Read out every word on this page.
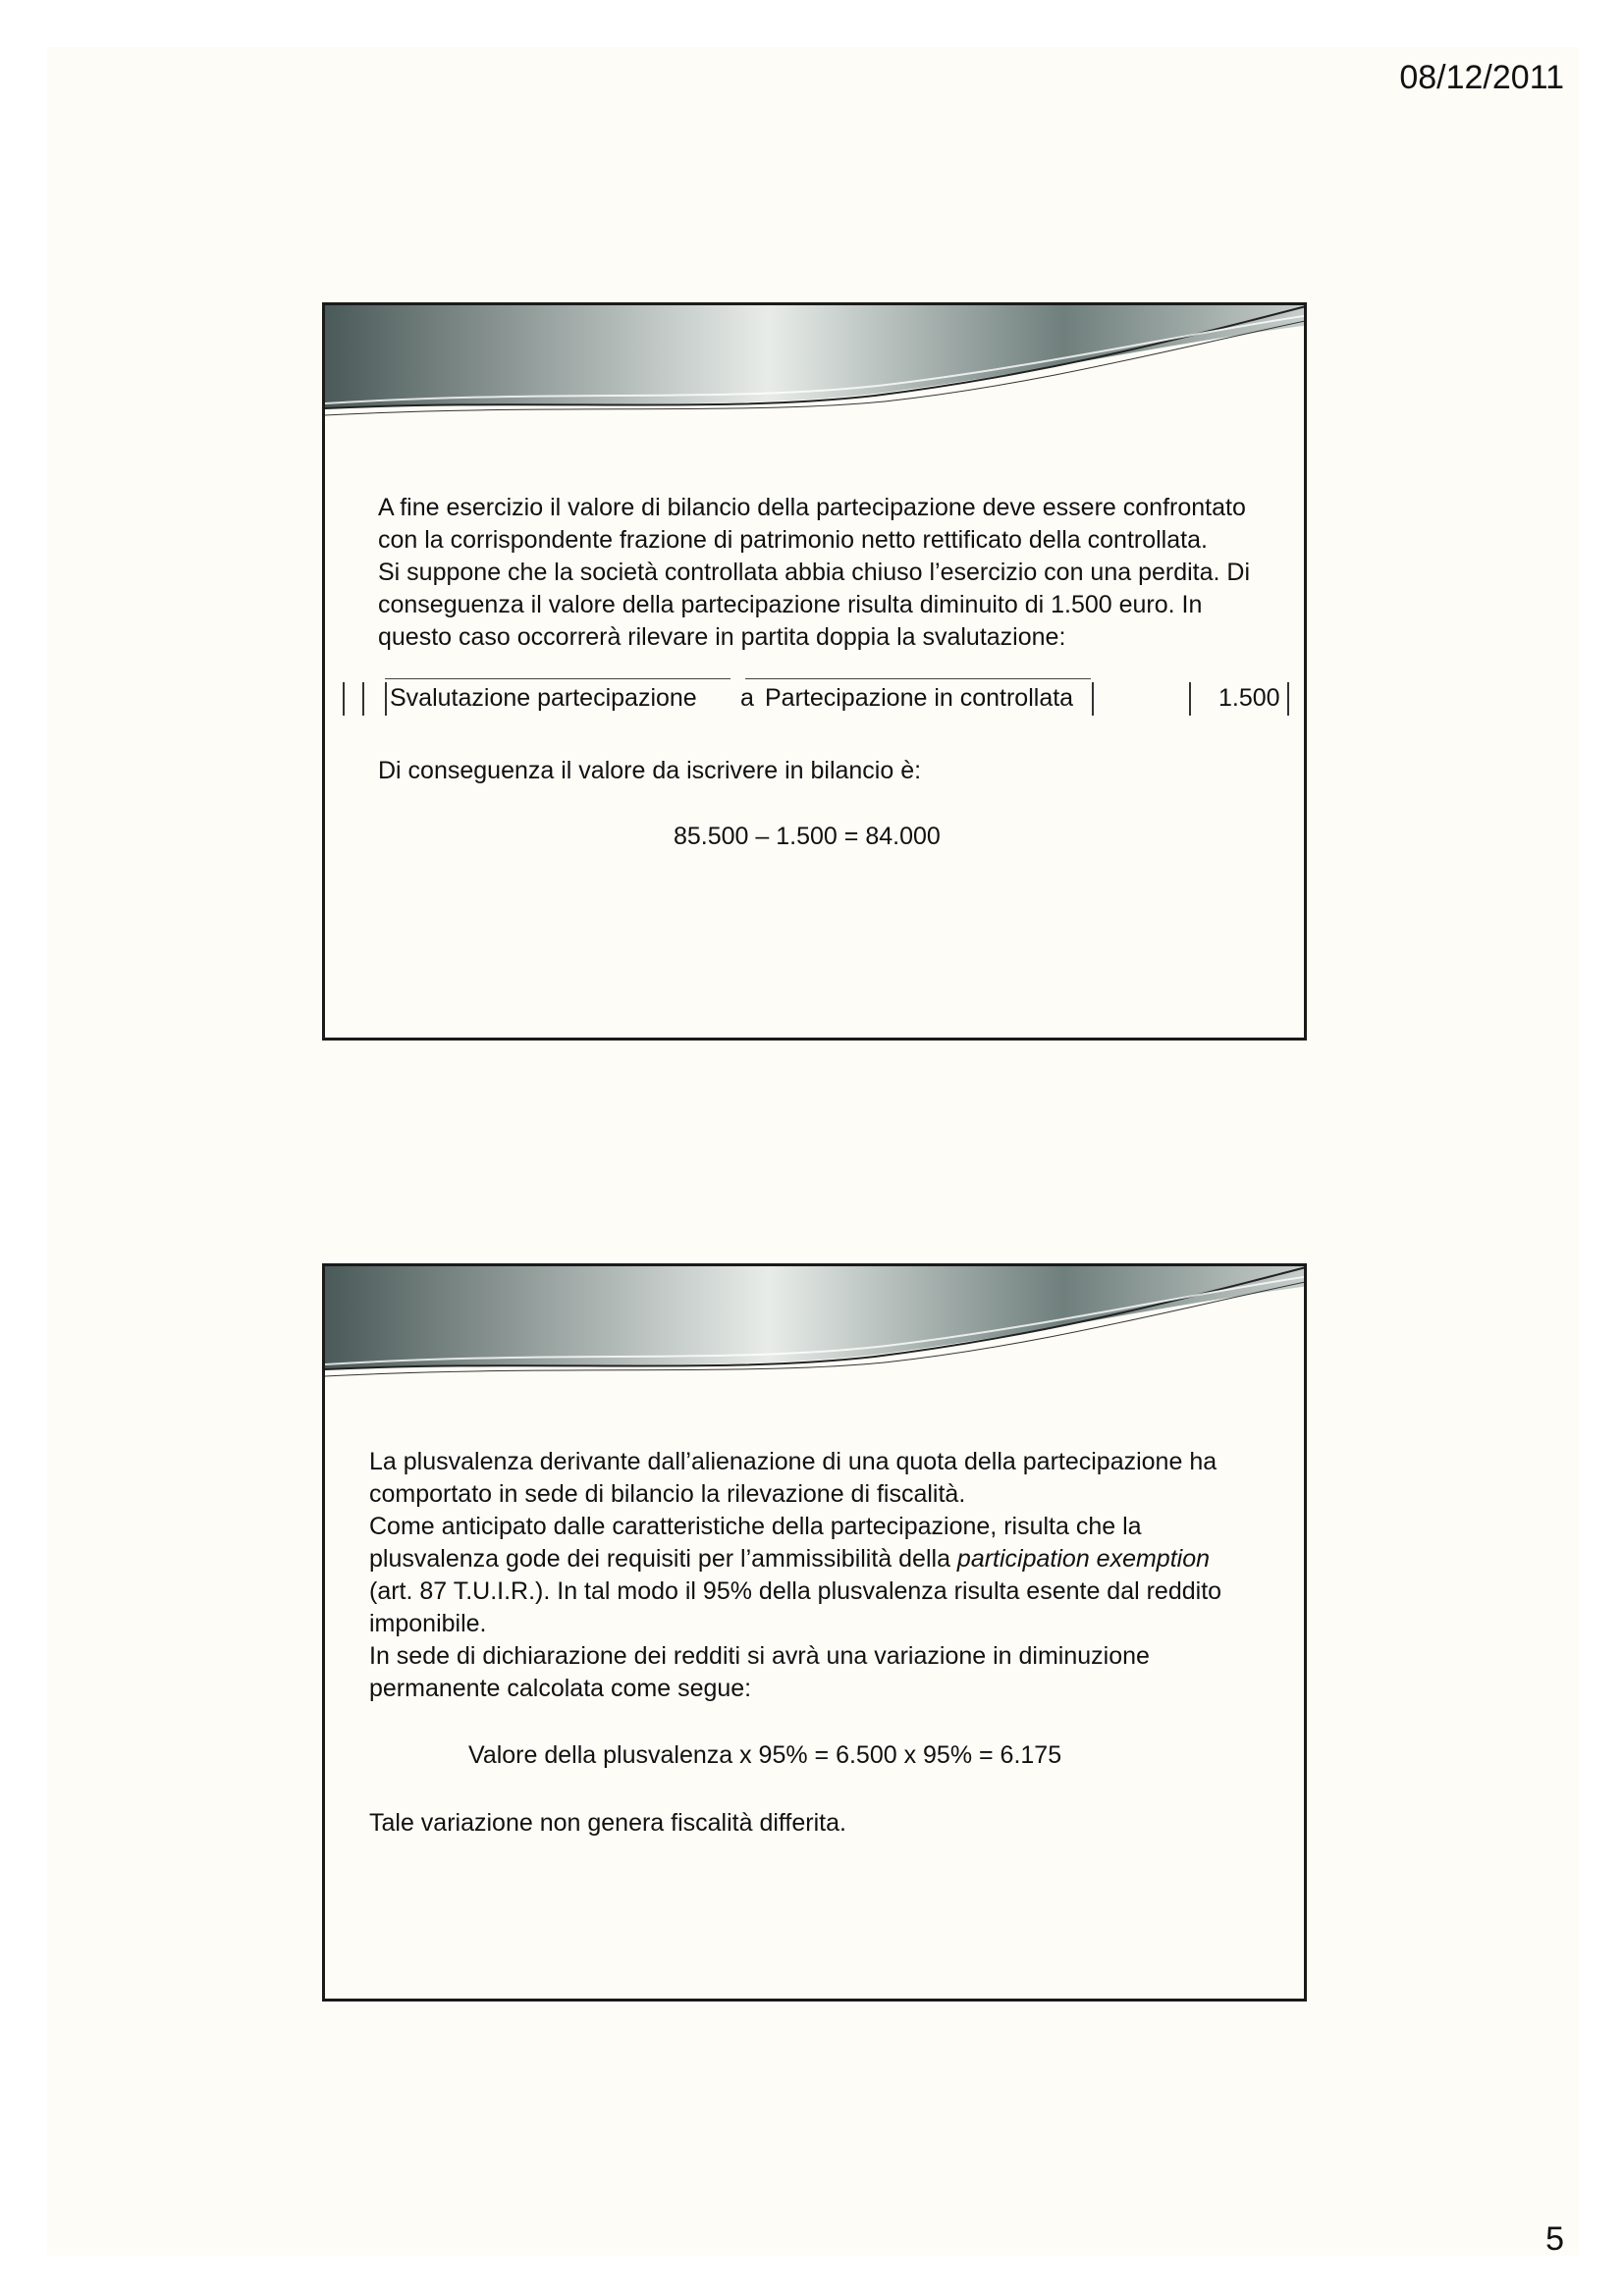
08/12/2011

A fine esercizio il valore di bilancio della partecipazione deve essere confrontato

con la corrispondente frazione di patrimonio netto rettificato della controllata.

Si suppone che la società controllata abbia chiuso l’esercizio con una perdita. Di

conseguenza il valore della partecipazione risulta diminuito di 1.500 euro. In

questo caso occorrerà rilevare in partita doppia la svalutazione:

Svalutazione partecipazione a Partecipazione in controllata	1.500
Di conseguenza il valore da iscrivere in bilancio è:
85.500 – 1.500 = 84.000

La plusvalenza derivante dall’alienazione di una quota della partecipazione ha

comportato in sede di bilancio la rilevazione di fiscalità.

Come anticipato dalle caratteristiche della partecipazione, risulta che la

plusvalenza gode dei requisiti per l’ammissibilità della participation exemption

(art. 87 T.U.I.R.). In tal modo il 95% della plusvalenza risulta esente dal reddito

imponibile.

In sede di dichiarazione dei redditi si avrà una variazione in diminuzione

permanente calcolata come segue:

Valore della plusvalenza x 95% = 6.500 x 95% = 6.175
Tale variazione non genera fiscalità differita.
5
